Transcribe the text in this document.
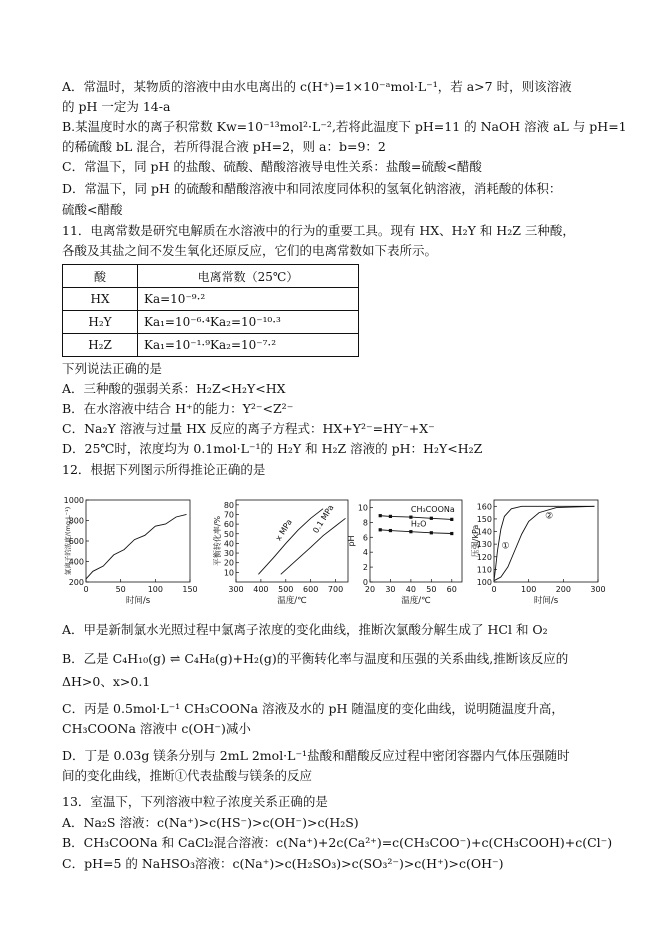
A．常温时，某物质的溶液中由水电离出的 c(H⁺)=1×10⁻ᵃmol·L⁻¹，若 a>7 时，则该溶液
的 pH 一定为 14-a
B.某温度时水的离子积常数 Kw=10⁻¹³mol²·L⁻²,若将此温度下 pH=11 的 NaOH 溶液 aL 与 pH=1
的稀硫酸 bL 混合，若所得混合液 pH=2，则 a：b=9：2
C．常温下，同 pH 的盐酸、硫酸、醋酸溶液导电性关系：盐酸=硫酸<醋酸
D．常温下，同 pH 的硫酸和醋酸溶液中和同浓度同体积的氢氧化钠溶液，消耗酸的体积：
硫酸<醋酸
11．电离常数是研究电解质在水溶液中的行为的重要工具。现有 HX、H₂Y 和 H₂Z 三种酸，
各酸及其盐之间不发生氧化还原反应，它们的电离常数如下表所示。
酸	电离常数（25℃）
HX	Ka=10⁻⁹·²
H₂Y	Ka₁=10⁻⁶·⁴Ka₂=10⁻¹⁰·³
H₂Z	Ka₁=10⁻¹·⁹Ka₂=10⁻⁷·²
下列说法正确的是
A．三种酸的强弱关系：H₂Z<H₂Y<HX
B．在水溶液中结合 H⁺的能力：Y²⁻<Z²⁻
C．Na₂Y 溶液与过量 HX 反应的离子方程式：HX+Y²⁻=HY⁻+X⁻
D．25℃时，浓度均为 0.1mol·L⁻¹的 H₂Y 和 H₂Z 溶液的 pH：H₂Y<H₂Z
12．根据下列图示所得推论正确的是
0	50	100 150
200
400
600
800
1000
时间/s
氯离子的浓度/(mg·L⁻¹)
300 400 500 600 700
10
20
30
40
50
60
70
80
温度/℃
平衡转化率/%	x MPa 0.1 MPa
20 30 40 50 60
0
2
4
6
8
10
温度/℃
pH
CH₃COONa
H₂O
0	100 200 300
100
110
120
130
140
150
160
时间/s
压强/kPa ①
②
A．甲是新制氯水光照过程中氯离子浓度的变化曲线，推断次氯酸分解生成了 HCl 和 O₂
B．乙是 C₄H₁₀(g) ⇌ C₄H₈(g)+H₂(g)的平衡转化率与温度和压强的关系曲线,推断该反应的
ΔH>0、x>0.1
C．丙是 0.5mol·L⁻¹ CH₃COONa 溶液及水的 pH 随温度的变化曲线，说明随温度升高，
CH₃COONa 溶液中 c(OH⁻)减小
D．丁是 0.03g 镁条分别与 2mL 2mol·L⁻¹盐酸和醋酸反应过程中密闭容器内气体压强随时
间的变化曲线，推断①代表盐酸与镁条的反应
13．室温下，下列溶液中粒子浓度关系正确的是
A．Na₂S 溶液：c(Na⁺)>c(HS⁻)>c(OH⁻)>c(H₂S)
B．CH₃COONa 和 CaCl₂混合溶液：c(Na⁺)+2c(Ca²⁺)=c(CH₃COO⁻)+c(CH₃COOH)+c(Cl⁻)
C．pH=5 的 NaHSO₃溶液：c(Na⁺)>c(H₂SO₃)>c(SO₃²⁻)>c(H⁺)>c(OH⁻)
